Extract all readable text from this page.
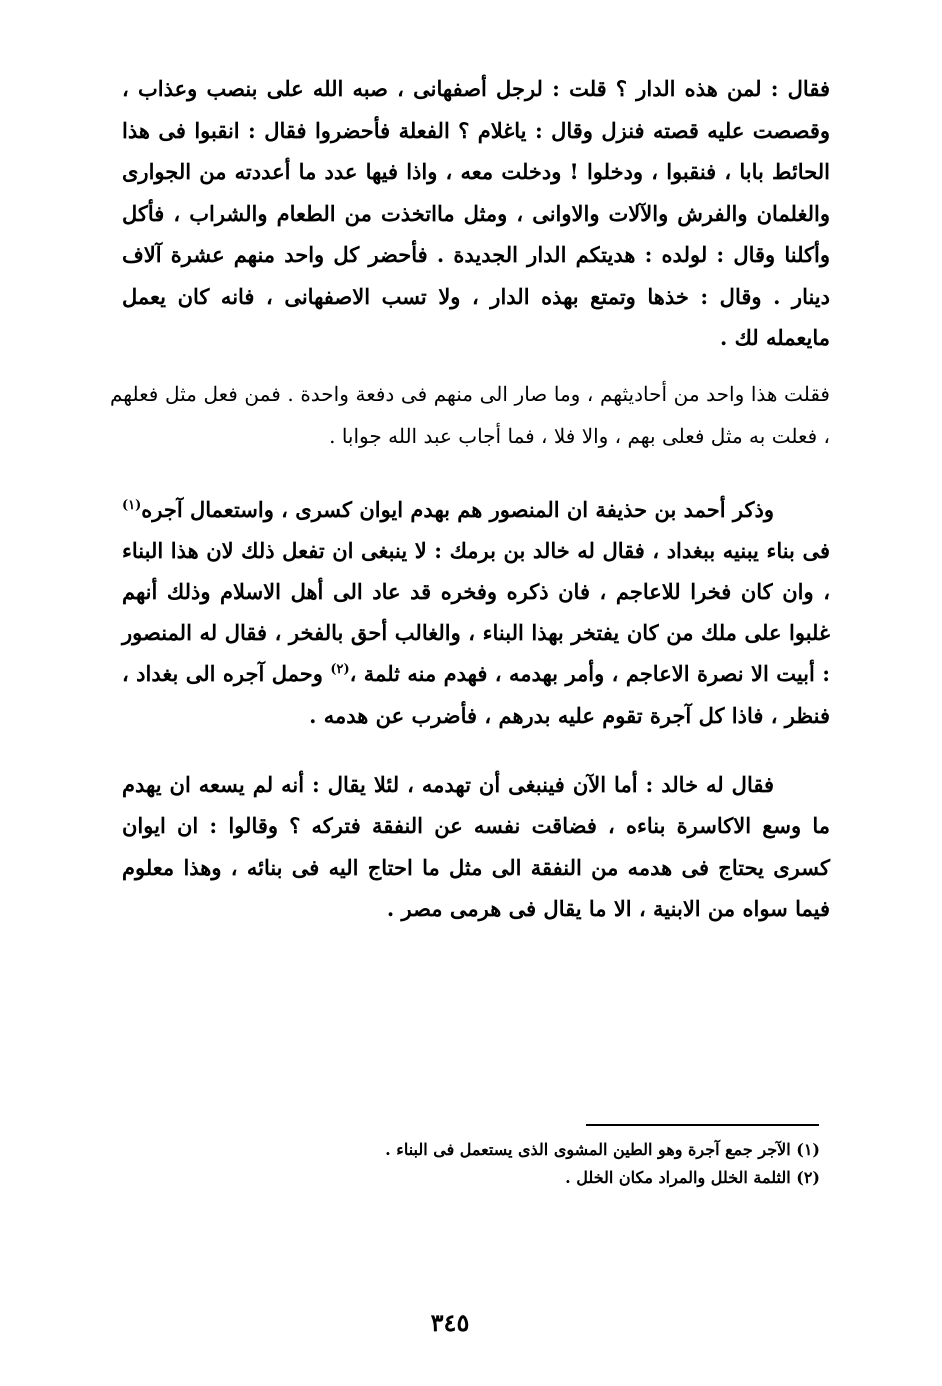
فقال : لمن هذه الدار ؟ قلت : لرجل أصفهانى ، صبه الله على بنصب وعذاب ، وقصصت عليه قصته فنزل وقال : ياغلام ؟ الفعلة فأحضروا فقال : انقبوا فى هذا الحائط بابا ، فنقبوا ، ودخلوا ! ودخلت معه ، واذا فيها عدد ما أعددته من الجوارى والغلمان والفرش والآلات والاوانى ، ومثل مااتخذت من الطعام والشراب ، فأكل وأكلنا وقال : لولده : هديتكم الدار الجديدة . فأحضر كل واحد منهم عشرة آلاف دينار . وقال : خذها وتمتع بهذه الدار ، ولا تسب الاصفهانى ، فانه كان يعمل مايعمله لك .

فقلت هذا واحد من أحاديثهم ، وما صار الى منهم فى دفعة واحدة . فمن فعل مثل فعلهم ، فعلت به مثل فعلى بهم ، والا فلا ، فما أجاب عبد الله جوابا .

وذكر أحمد بن حذيفة ان المنصور هم بهدم ايوان كسرى ، واستعمال آجره$^{(١)}$ فى بناء يبنيه ببغداد ، فقال له خالد بن برمك : لا ينبغى ان تفعل ذلك لان هذا البناء ، وان كان فخرا للاعاجم ، فان ذكره وفخره قد عاد الى أهل الاسلام وذلك أنهم غلبوا على ملك من كان يفتخر بهذا البناء ، والغالب أحق بالفخر ، فقال له المنصور : أبيت الا نصرة الاعاجم ، وأمر بهدمه ، فهدم منه ثلمة ،$^{(٢)}$ وحمل آجره الى بغداد ، فنظر ، فاذا كل آجرة تقوم عليه بدرهم ، فأضرب عن هدمه .

فقال له خالد : أما الآن فينبغى أن تهدمه ، لئلا يقال : أنه لم يسعه ان يهدم ما وسع الاكاسرة بناءه ، فضاقت نفسه عن النفقة فتركه ؟ وقالوا : ان ايوان كسرى يحتاج فى هدمه من النفقة الى مثل ما احتاج اليه فى بنائه ، وهذا معلوم فيما سواه من الابنية ، الا ما يقال فى هرمى مصر .

(١) الآجر جمع آجرة وهو الطين المشوى الذى يستعمل فى البناء .

(٢) الثلمة الخلل والمراد مكان الخلل .

٣٤٥
